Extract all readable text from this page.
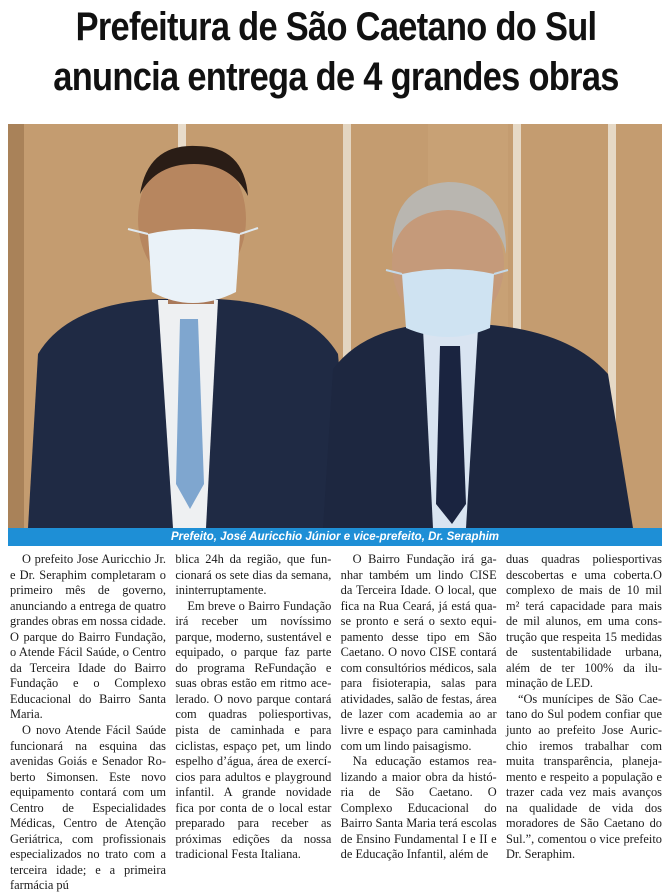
Prefeitura de São Caetano do Sul
anuncia entrega de 4 grandes obras
Prefeito, José Auricchio Júnior e vice-prefeito, Dr. Seraphim

O prefeito Jose Auricchio Jr. e Dr. Seraphim completaram o primeiro mês de governo, anunciando a entrega de quatro grandes obras em nossa cidade. O parque do Bairro Fundação, o Atende Fácil Saúde, o Centro da Terceira Idade do Bairro Fundação e o Complexo Educacional do Bairro Santa Maria.

O novo Atende Fácil Saúde funcionará na esquina das avenidas Goiás e Senador Roberto Simonsen. Este novo equipamento contará com um Centro de Especialidades Médicas, Centro de Atenção Geriátrica, com profissionais especializados no trato com a terceira idade; e a primeira farmácia pú

blica 24h da região, que funcionará os sete dias da semana, ininterruptamente.

Em breve o Bairro Fundação irá receber um novíssimo parque, moderno, sustentável e equipado, o parque faz parte do programa ReFundação e suas obras estão em ritmo acelerado. O novo parque contará com quadras poliesportivas, pista de caminhada e para ciclistas, espaço pet, um lindo espelho d’água, área de exercícios para adultos e playground infantil. A grande novidade fica por conta de o local estar preparado para receber as próximas edições da nossa tradicional Festa Italiana.

O Bairro Fundação irá ganhar também um lindo CISE da Terceira Idade. O local, que fica na Rua Ceará, já está quase pronto e será o sexto equipamento desse tipo em São Caetano. O novo CISE contará com consultórios médicos, sala para fisioterapia, salas para atividades, salão de festas, área de lazer com academia ao ar livre e espaço para caminhada com um lindo paisagismo.

Na educação estamos realizando a maior obra da história de São Caetano. O Complexo Educacional do Bairro Santa Maria terá escolas de Ensino Fundamental I e II e de Educação Infantil, além de

duas quadras poliesportivas descobertas e uma coberta.O complexo de mais de 10 mil m² terá capacidade para mais de mil alunos, em uma construção que respeita 15 medidas de sustentabilidade urbana, além de ter 100% da iluminação de LED.

“Os munícipes de São Caetano do Sul podem confiar que junto ao prefeito Jose Auricchio iremos trabalhar com muita transparência, planejamento e respeito a população e trazer cada vez mais avanços na qualidade de vida dos moradores de São Caetano do Sul.”, comentou o vice prefeito Dr. Seraphim.
